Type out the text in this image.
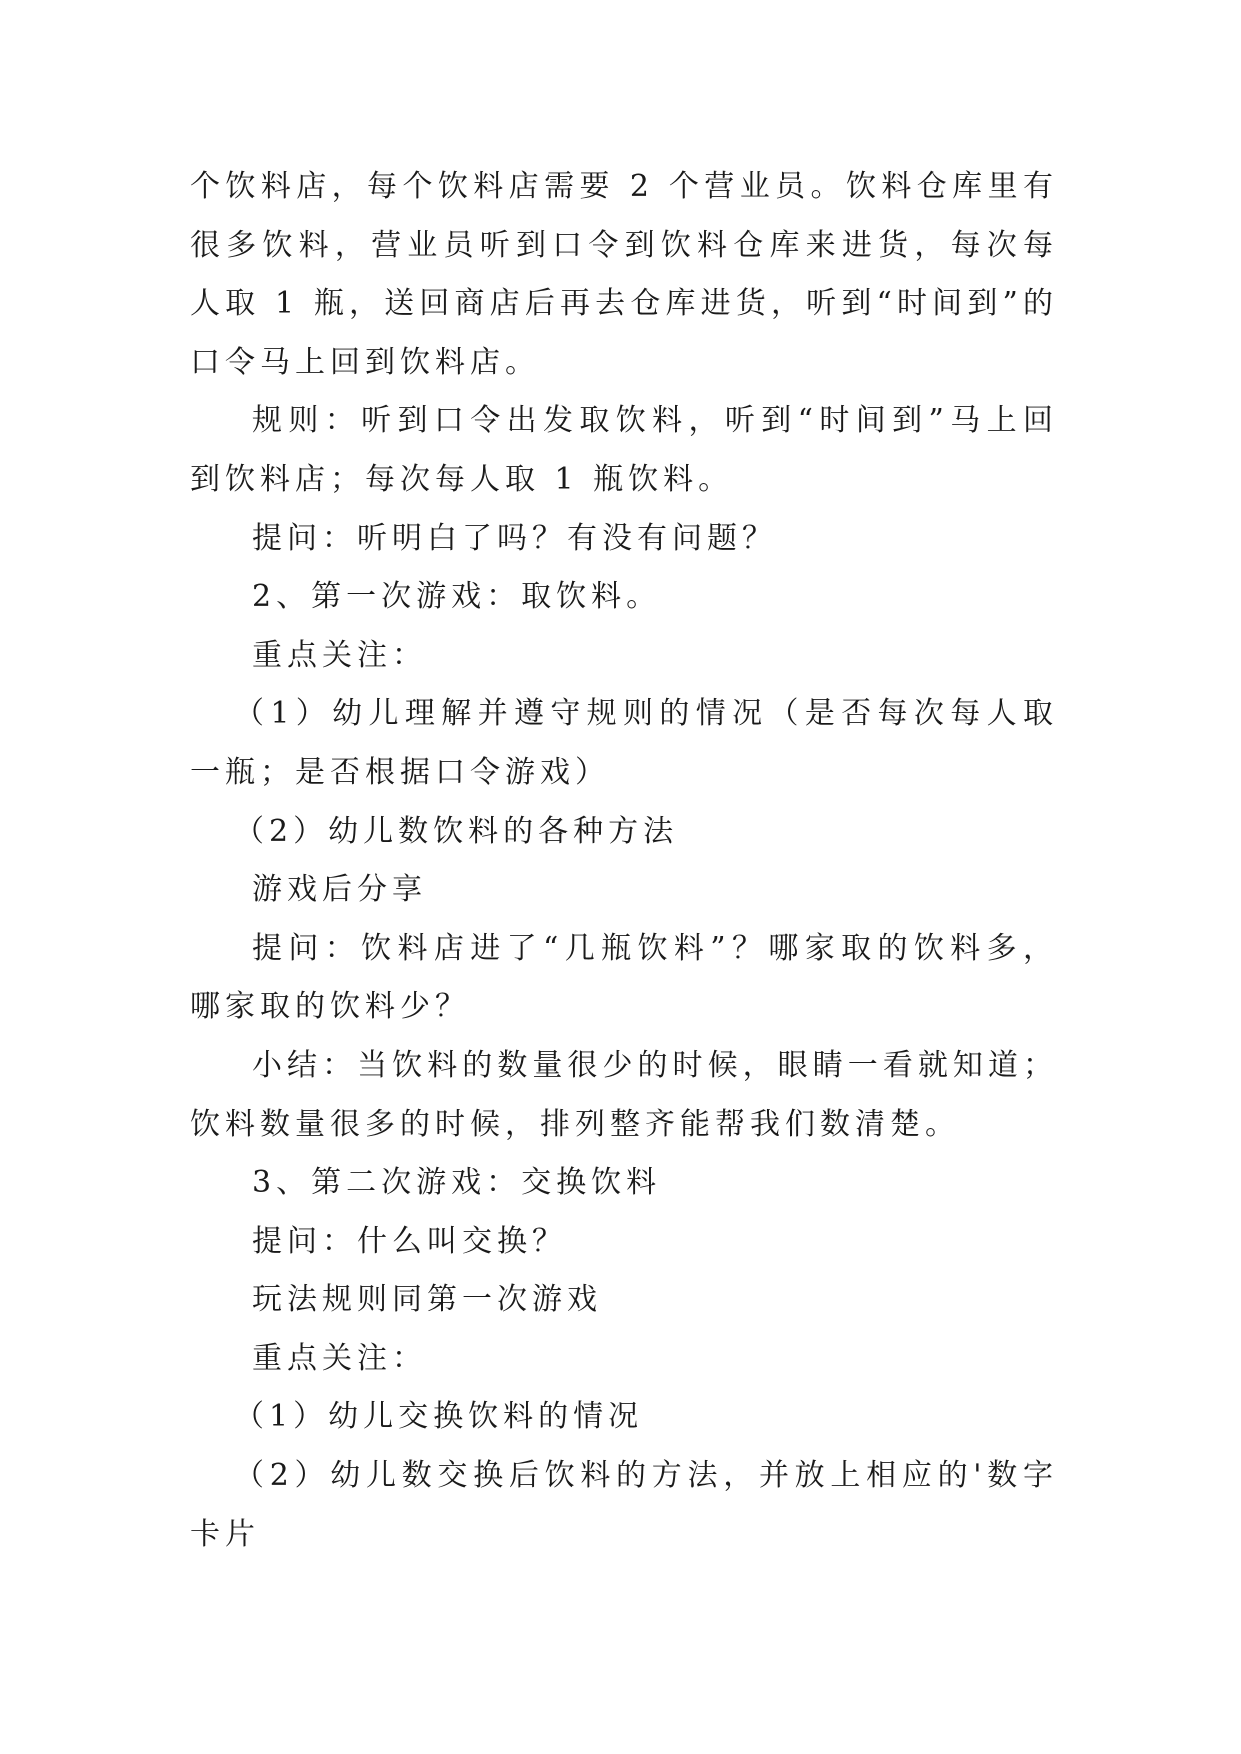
个饮料店，每个饮料店需要 2 个营业员。饮料仓库里有很多饮料，营业员听到口令到饮料仓库来进货，每次每人取 1 瓶，送回商店后再去仓库进货，听到“时间到”的口令马上回到饮料店。

规则：听到口令出发取饮料，听到“时间到”马上回到饮料店；每次每人取 1 瓶饮料。

提问：听明白了吗？有没有问题？

2、第一次游戏：取饮料。

重点关注：

（1）幼儿理解并遵守规则的情况（是否每次每人取一瓶；是否根据口令游戏）

（2）幼儿数饮料的各种方法

游戏后分享

提问：饮料店进了“几瓶饮料”？哪家取的饮料多，哪家取的饮料少？

小结：当饮料的数量很少的时候，眼睛一看就知道；饮料数量很多的时候，排列整齐能帮我们数清楚。

3、第二次游戏：交换饮料

提问：什么叫交换？

玩法规则同第一次游戏

重点关注：

（1）幼儿交换饮料的情况

（2）幼儿数交换后饮料的方法，并放上相应的'数字卡片
